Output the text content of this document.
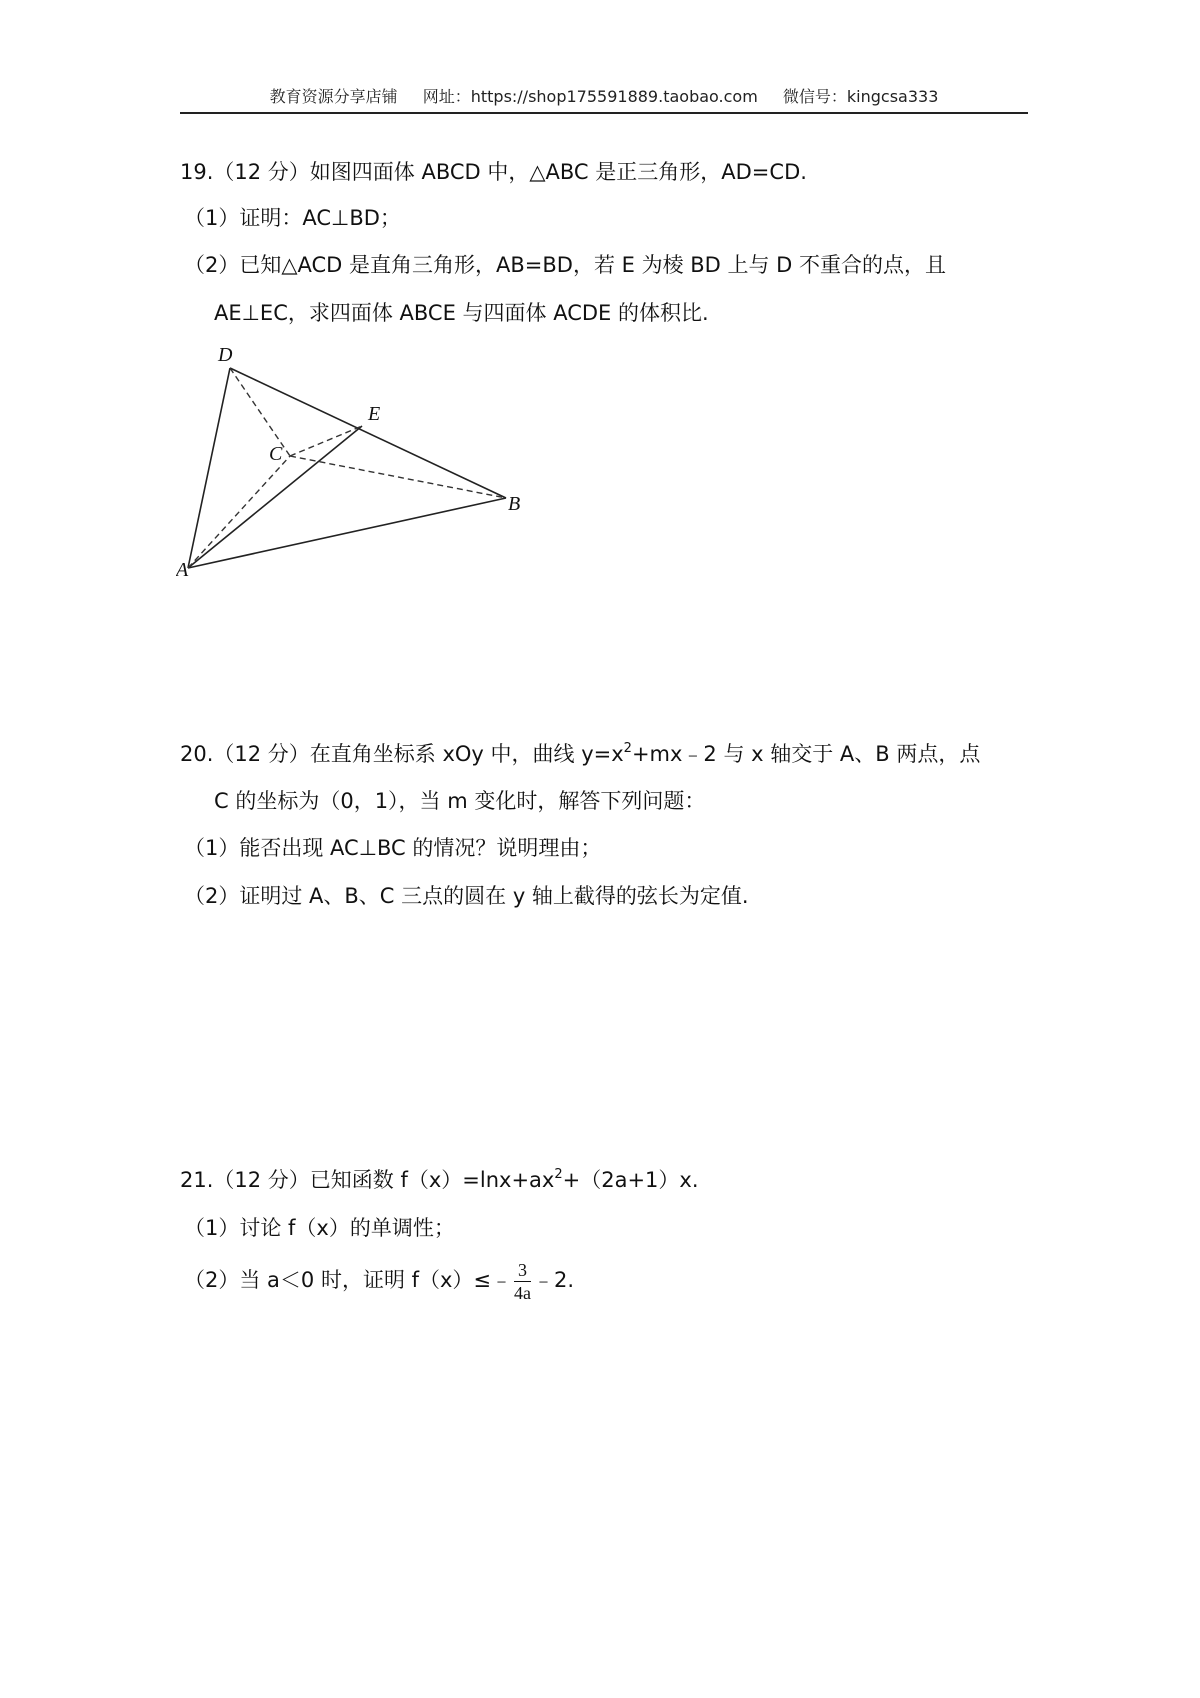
教育资源分享店铺 网址：https://shop175591889.taobao.com 微信号：kingcsa333
19.（12 分）如图四面体 ABCD 中，△ABC 是正三角形，AD=CD.
（1）证明：AC⊥BD；
（2）已知△ACD 是直角三角形，AB=BD，若 E 为棱 BD 上与 D 不重合的点，且
AE⊥EC，求四面体 ABCE 与四面体 ACDE 的体积比.
D
E
C
B
A
20.（12 分）在直角坐标系 xOy 中，曲线 $y=x^2+mx﹣2$ 与 x 轴交于 A、B 两点，点
C 的坐标为（0，1），当 m 变化时，解答下列问题：
（1）能否出现 AC⊥BC 的情况？说明理由；
（2）证明过 A、B、C 三点的圆在 y 轴上截得的弦长为定值.
21.（12 分）已知函数 $f(x)=\ln x+ax^2+(2a+1)x$.
（1）讨论 f（x）的单调性；
（2）当 a＜0 时，证明 f（x）≤﹣ $\frac{3}{4a}$ ﹣2.
